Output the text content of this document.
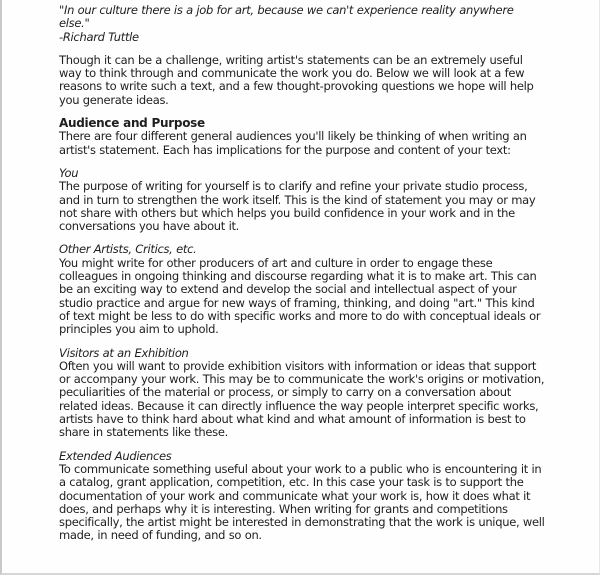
"In our culture there is a job for art, because we can't experience reality anywhere else."

-Richard Tuttle

Though it can be a challenge, writing artist's statements can be an extremely useful way to think through and communicate the work you do. Below we will look at a few reasons to write such a text, and a few thought-provoking questions we hope will help you generate ideas.

Audience and Purpose

There are four different general audiences you'll likely be thinking of when writing an artist's statement. Each has implications for the purpose and content of your text:

You

The purpose of writing for yourself is to clarify and refine your private studio process, and in turn to strengthen the work itself. This is the kind of statement you may or may not share with others but which helps you build confidence in your work and in the conversations you have about it.

Other Artists, Critics, etc.

You might write for other producers of art and culture in order to engage these colleagues in ongoing thinking and discourse regarding what it is to make art. This can be an exciting way to extend and develop the social and intellectual aspect of your studio practice and argue for new ways of framing, thinking, and doing "art." This kind of text might be less to do with specific works and more to do with conceptual ideals or principles you aim to uphold.

Visitors at an Exhibition

Often you will want to provide exhibition visitors with information or ideas that support or accompany your work. This may be to communicate the work's origins or motivation, peculiarities of the material or process, or simply to carry on a conversation about related ideas. Because it can directly influence the way people interpret specific works, artists have to think hard about what kind and what amount of information is best to share in statements like these.

Extended Audiences

To communicate something useful about your work to a public who is encountering it in a catalog, grant application, competition, etc. In this case your task is to support the documentation of your work and communicate what your work is, how it does what it does, and perhaps why it is interesting. When writing for grants and competitions specifically, the artist might be interested in demonstrating that the work is unique, well made, in need of funding, and so on.
